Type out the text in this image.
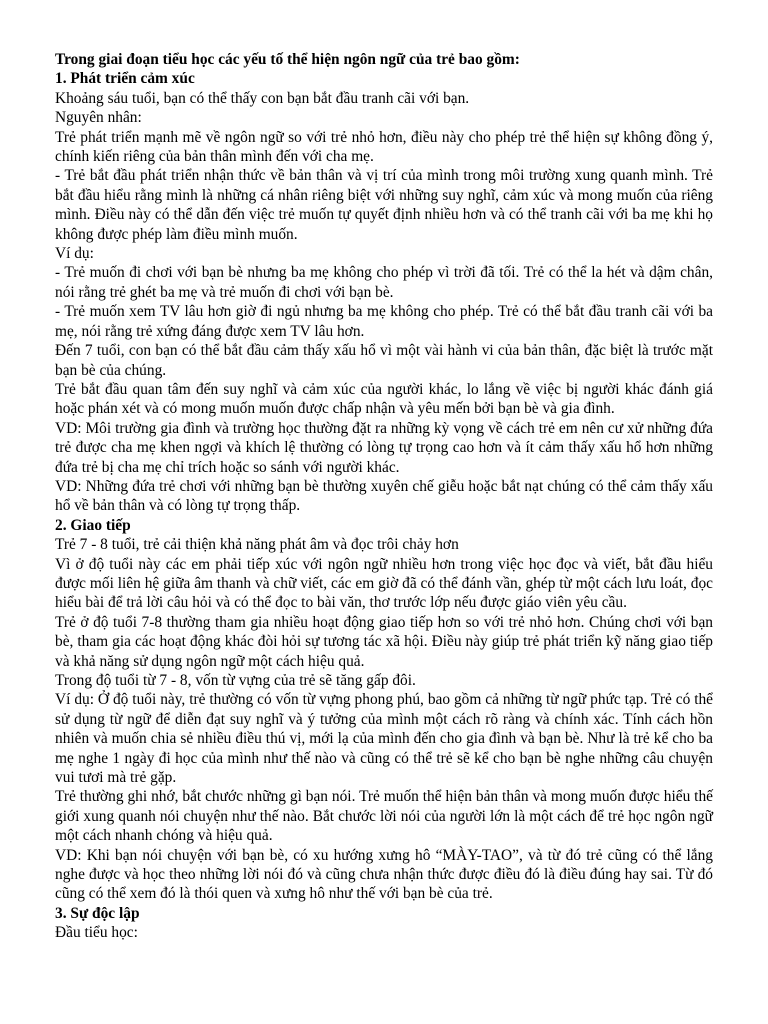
Trong giai đoạn tiểu học các yếu tố thể hiện ngôn ngữ của trẻ bao gồm:

1. Phát triển cảm xúc

Khoảng sáu tuổi, bạn có thể thấy con bạn bắt đầu tranh cãi với bạn.

Nguyên nhân:

Trẻ phát triển mạnh mẽ về ngôn ngữ so với trẻ nhỏ hơn, điều này cho phép trẻ thể hiện sự không đồng ý, chính kiến riêng của bản thân mình đến với cha mẹ.

- Trẻ bắt đầu phát triển nhận thức về bản thân và vị trí của mình trong môi trường xung quanh mình. Trẻ bắt đầu hiểu rằng mình là những cá nhân riêng biệt với những suy nghĩ, cảm xúc và mong muốn của riêng mình. Điều này có thể dẫn đến việc trẻ muốn tự quyết định nhiều hơn và có thể tranh cãi với ba mẹ khi họ không được phép làm điều mình muốn.

Ví dụ:

- Trẻ muốn đi chơi với bạn bè nhưng ba mẹ không cho phép vì trời đã tối. Trẻ có thể la hét và dậm chân, nói rằng trẻ ghét ba mẹ và trẻ muốn đi chơi với bạn bè.

- Trẻ muốn xem TV lâu hơn giờ đi ngủ nhưng ba mẹ không cho phép. Trẻ có thể bắt đầu tranh cãi với ba mẹ, nói rằng trẻ xứng đáng được xem TV lâu hơn.

Đến 7 tuổi, con bạn có thể bắt đầu cảm thấy xấu hổ vì một vài hành vi của bản thân, đặc biệt là trước mặt bạn bè của chúng.

Trẻ bắt đầu quan tâm đến suy nghĩ và cảm xúc của người khác, lo lắng về việc bị người khác đánh giá hoặc phán xét và có mong muốn muốn được chấp nhận và yêu mến bởi bạn bè và gia đình.

VD: Môi trường gia đình và trường học thường đặt ra những kỳ vọng về cách trẻ em nên cư xử những đứa trẻ được cha mẹ khen ngợi và khích lệ thường có lòng tự trọng cao hơn và ít cảm thấy xấu hổ hơn những đứa trẻ bị cha mẹ chỉ trích hoặc so sánh với người khác.

VD: Những đứa trẻ chơi với những bạn bè thường xuyên chế giễu hoặc bắt nạt chúng có thể cảm thấy xấu hổ về bản thân và có lòng tự trọng thấp.

2. Giao tiếp

Trẻ 7 - 8 tuổi, trẻ cải thiện khả năng phát âm và đọc trôi chảy hơn

Vì ở độ tuổi này các em phải tiếp xúc với ngôn ngữ nhiều hơn trong việc học đọc và viết, bắt đầu hiểu được mối liên hệ giữa âm thanh và chữ viết, các em giờ đã có thể đánh vần, ghép từ một cách lưu loát, đọc hiểu bài để trả lời câu hỏi và có thể đọc to bài văn, thơ trước lớp nếu được giáo viên yêu cầu.

Trẻ ở độ tuổi 7-8 thường tham gia nhiều hoạt động giao tiếp hơn so với trẻ nhỏ hơn. Chúng chơi với bạn bè, tham gia các hoạt động khác đòi hỏi sự tương tác xã hội. Điều này giúp trẻ phát triển kỹ năng giao tiếp và khả năng sử dụng ngôn ngữ một cách hiệu quả.

Trong độ tuổi từ 7 - 8, vốn từ vựng của trẻ sẽ tăng gấp đôi.

Ví dụ: Ở độ tuổi này, trẻ thường có vốn từ vựng phong phú, bao gồm cả những từ ngữ phức tạp. Trẻ có thể sử dụng từ ngữ để diễn đạt suy nghĩ và ý tưởng của mình một cách rõ ràng và chính xác. Tính cách hồn nhiên và muốn chia sẻ nhiều điều thú vị, mới lạ của mình đến cho gia đình và bạn bè. Như là trẻ kể cho ba mẹ nghe 1 ngày đi học của mình như thế nào và cũng có thể trẻ sẽ kể cho bạn bè nghe những câu chuyện vui tươi mà trẻ gặp.

Trẻ thường ghi nhớ, bắt chước những gì bạn nói. Trẻ muốn thể hiện bản thân và mong muốn được hiểu thế giới xung quanh nói chuyện như thế nào. Bắt chước lời nói của người lớn là một cách để trẻ học ngôn ngữ một cách nhanh chóng và hiệu quả.

VD: Khi bạn nói chuyện với bạn bè, có xu hướng xưng hô “MÀY-TAO”, và từ đó trẻ cũng có thể lắng nghe được và học theo những lời nói đó và cũng chưa nhận thức được điều đó là điều đúng hay sai. Từ đó cũng có thể xem đó là thói quen và xưng hô như thế với bạn bè của trẻ.

3. Sự độc lập

Đầu tiểu học:
